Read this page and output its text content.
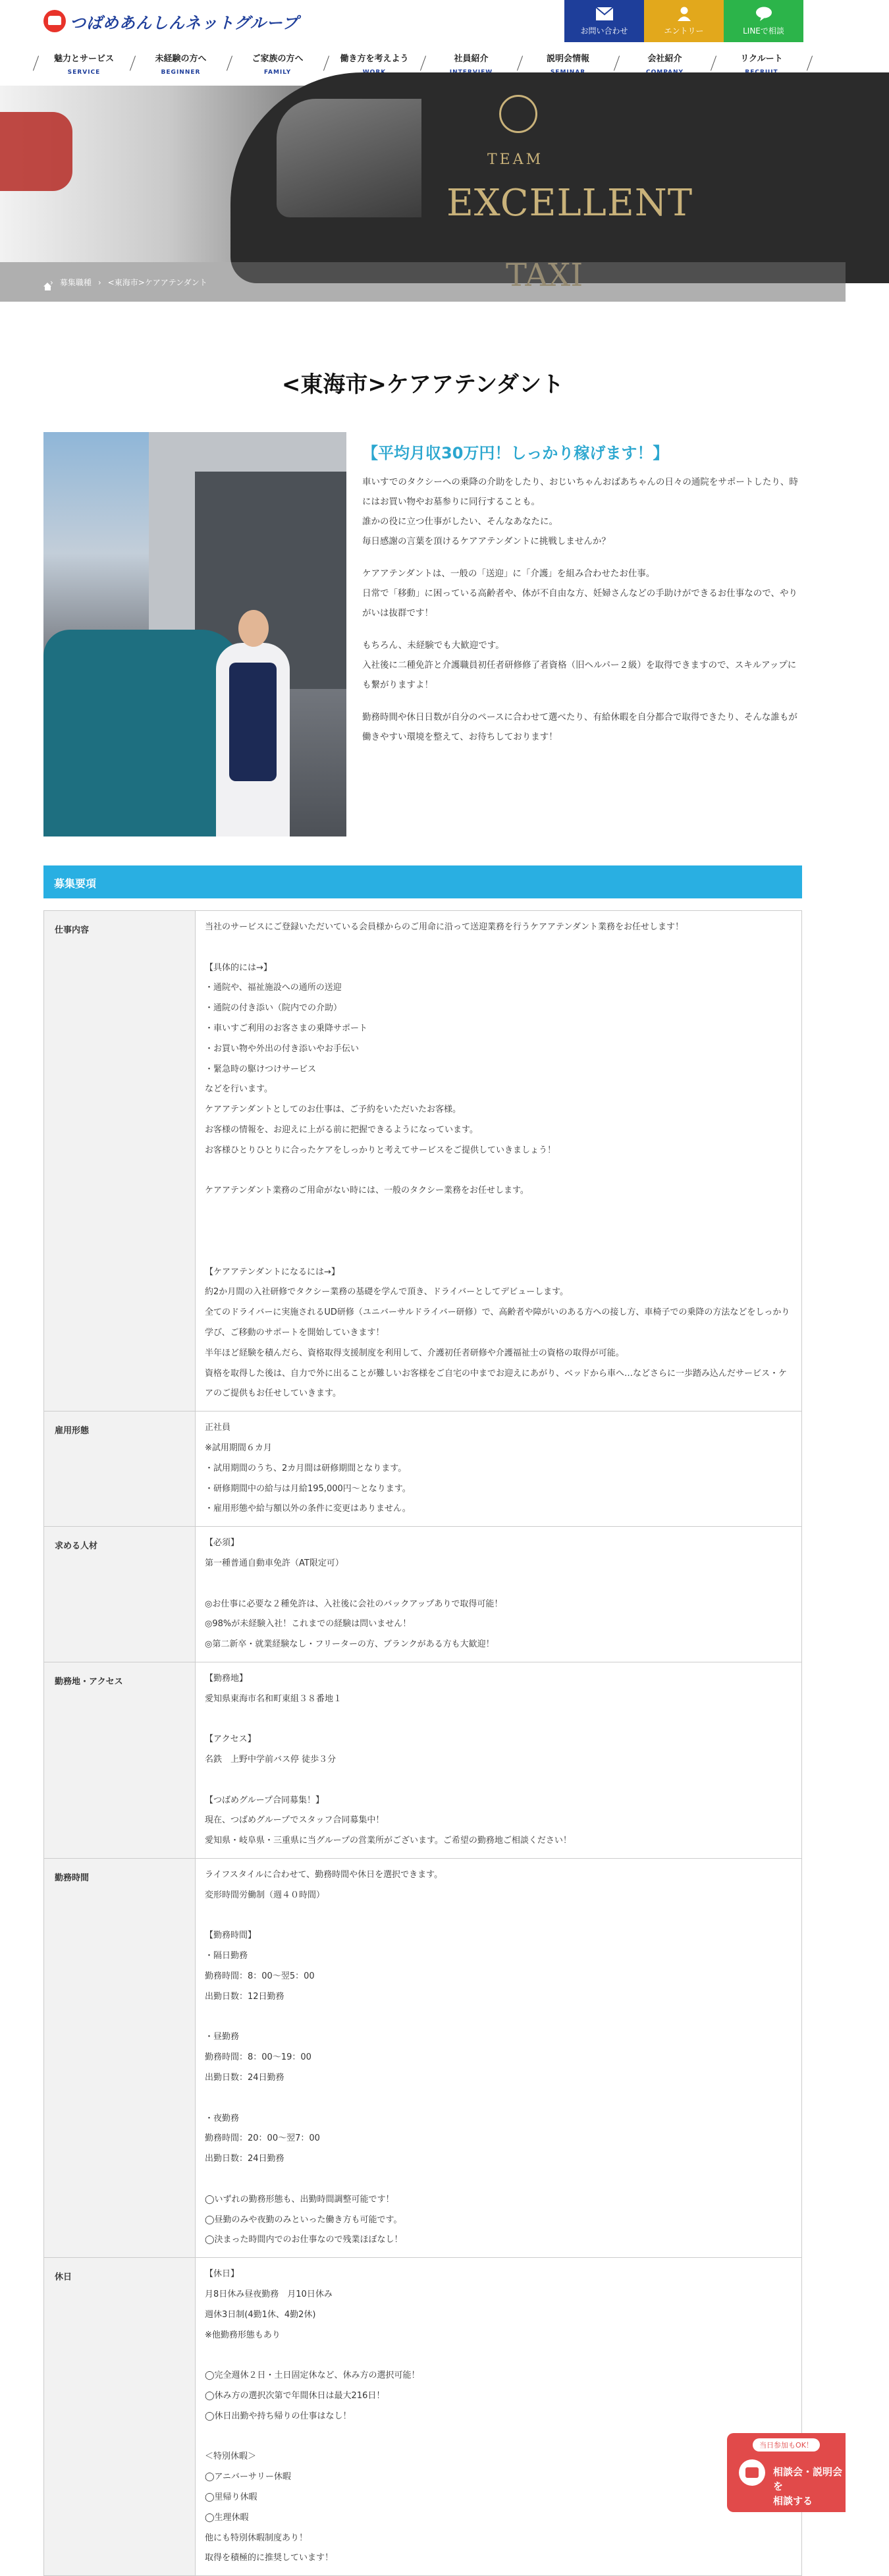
つばめあんしんネットグループ	お問い合わせ	エントリー	LINEで相談
魅力とサービス
SERVICE
未経験の方へ
BEGINNER
ご家族の方へ
FAMILY
働き方を考えよう	社員紹介	説明会情報	会社紹介	リクルート
TEAM
EXCELLENT
› 募集職種 › <東海市>ケアアテンダント
<東海市>ケアアテンダント
【平均月収30万円！しっかり稼げます！】

車いすでのタクシーへの乗降の介助をしたり、おじいちゃんおばあちゃんの日々の通院をサポートしたり、時にはお買い物やお墓参りに同行することも。
誰かの役に立つ仕事がしたい、そんなあなたに。
毎日感謝の言葉を頂けるケアアテンダントに挑戦しませんか？

ケアアテンダントは、一般の「送迎」に「介護」を組み合わせたお仕事。
日常で「移動」に困っている高齢者や、体が不自由な方、妊婦さんなどの手助けができるお仕事なので、やりがいは抜群です！

もちろん、未経験でも大歓迎です。
入社後に二種免許と介護職員初任者研修修了者資格（旧ヘルパー２級）を取得できますので、スキルアップにも繋がりますよ！

勤務時間や休日日数が自分のペースに合わせて選べたり、有給休暇を自分都合で取得できたり、そんな誰もが働きやすい環境を整えて、お待ちしております！

募集要項
仕事内容	当社のサービスにご登録いただいている会員様からのご用命に沿って送迎業務を行うケアアテンダント業務をお任せします！

【具体的には→】
・通院や、福祉施設への通所の送迎
・通院の付き添い（院内での介助）
・車いすご利用のお客さまの乗降サポート
・お買い物や外出の付き添いやお手伝い
・緊急時の駆けつけサービス
などを行います。
ケアアテンダントとしてのお仕事は、ご予約をいただいたお客様。
お客様の情報を、お迎えに上がる前に把握できるようになっています。
お客様ひとりひとりに合ったケアをしっかりと考えてサービスをご提供していきましょう！

ケアアテンダント業務のご用命がない時には、一般のタクシー業務をお任せします。

【ケアアテンダントになるには→】
約2か月間の入社研修でタクシー業務の基礎を学んで頂き、ドライバーとしてデビューします。
全てのドライバーに実施されるUD研修（ユニバーサルドライバー研修）で、高齢者や障がいのある方への接し方、車椅子での乗降の方法などをしっかり学び、ご移動のサポートを開始していきます！
半年ほど経験を積んだら、資格取得支援制度を利用して、介護初任者研修や介護福祉士の資格の取得が可能。
資格を取得した後は、自力で外に出ることが難しいお客様をご自宅の中までお迎えにあがり、ベッドから車へ…などさらに一歩踏み込んだサービス・ケアのご提供もお任せしていきます。
雇用形態	正社員
※試用期間６カ月
・試用期間のうち、2カ月間は研修期間となります。
・研修期間中の給与は月給195,000円〜となります。
・雇用形態や給与額以外の条件に変更はありません。
求める人材	【必須】
第一種普通自動車免許（AT限定可）

◎お仕事に必要な２種免許は、入社後に会社のバックアップありで取得可能！
◎98%が未経験入社！これまでの経験は問いません！
◎第二新卒・就業経験なし・フリーターの方、ブランクがある方も大歓迎！
勤務地・アクセス	【勤務地】
愛知県東海市名和町東組３８番地１

【アクセス】
名鉄　上野中学前バス停 徒歩３分

【つばめグループ合同募集！】
現在、つばめグループでスタッフ合同募集中！
愛知県・岐阜県・三重県に当グループの営業所がございます。ご希望の勤務地ご相談ください！
勤務時間	ライフスタイルに合わせて、勤務時間や休日を選択できます。
変形時間労働制（週４０時間）

【勤務時間】
・隔日勤務
勤務時間：8：00〜翌5：00
出勤日数：12日勤務

・昼勤務
勤務時間：8：00〜19：00
出勤日数：24日勤務

・夜勤務
勤務時間：20：00〜翌7：00
出勤日数：24日勤務

◯いずれの勤務形態も、出勤時間調整可能です！
◯昼勤のみや夜勤のみといった働き方も可能です。
◯決まった時間内でのお仕事なので残業ほぼなし！
休日	【休日】
月8日休み昼夜勤務　月10日休み
週休3日制(4勤1休、4勤2休)
※他勤務形態もあり

◯完全週休２日・土日固定休など、休み方の選択可能！
◯休み方の選択次第で年間休日は最大216日！
◯休日出勤や持ち帰りの仕事はなし！

＜特別休暇＞
◯アニバーサリー休暇
◯里帰り休暇
◯生理休暇
他にも特別休暇制度あり！
取得を積極的に推奨しています！
当日参加もOK！
相談会・説明会を
相談する
